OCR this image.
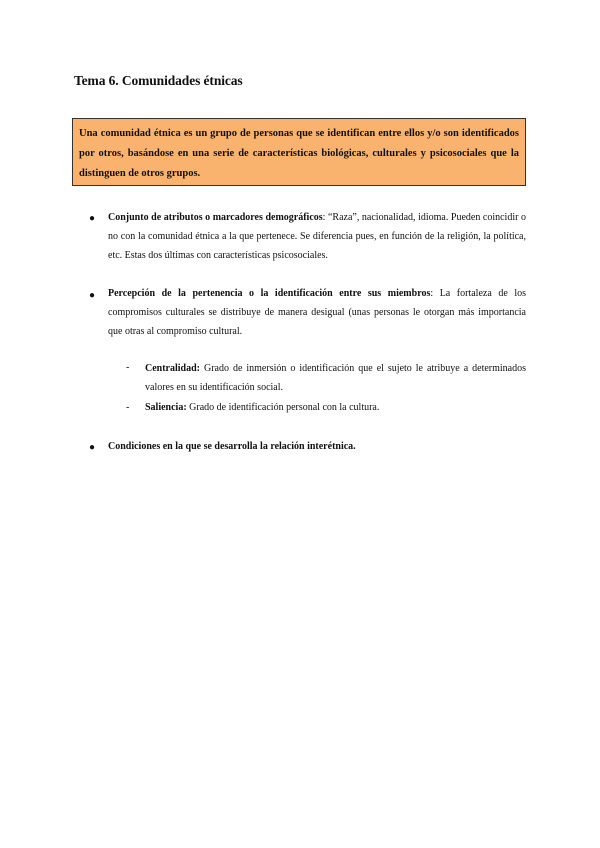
Tema 6. Comunidades étnicas
Una comunidad étnica es un grupo de personas que se identifican entre ellos y/o son identificados por otros, basándose en una serie de características biológicas, culturales y psicosociales que la distinguen de otros grupos.
● Conjunto de atributos o marcadores demográficos: “Raza”, nacionalidad, idioma. Pueden coincidir o no con la comunidad étnica a la que pertenece. Se diferencia pues, en función de la religión, la política, etc. Estas dos últimas con características psicosociales.
● Percepción de la pertenencia o la identificación entre sus miembros: La fortaleza de los compromisos culturales se distribuye de manera desigual (unas personas le otorgan más importancia que otras al compromiso cultural.
- Centralidad: Grado de inmersión o identificación que el sujeto le atribuye a determinados valores en su identificación social.
- Saliencia: Grado de identificación personal con la cultura.
● Condiciones en la que se desarrolla la relación interétnica.
